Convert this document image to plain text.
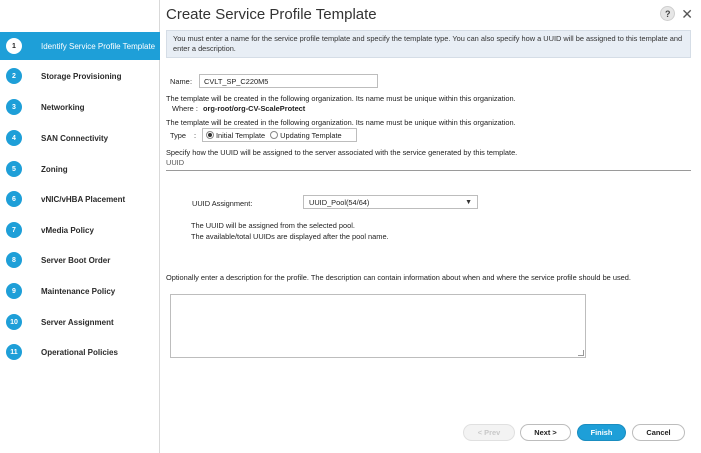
1	Identify Service Profile Template
2	Storage Provisioning
3	Networking
4	SAN Connectivity
5	Zoning
6	vNIC/vHBA Placement
7	vMedia Policy
8	Server Boot Order
9	Maintenance Policy
10	Server Assignment
11	Operational Policies
Create Service Profile Template	? ✕
You must enter a name for the service profile template and specify the template type. You can also specify how a UUID will be assigned to this template and enter a description.
Name :
CVLT_SP_C220M5
The template will be created in the following organization. Its name must be unique within this organization.
Where : org-root/org-CV-ScaleProtect
The template will be created in the following organization. Its name must be unique within this organization.
Type :	Initial Template Updating Template
Specify how the UUID will be assigned to the server associated with the service generated by this template.
UUID
UUID Assignment:	UUID_Pool(54/64)	▼
The UUID will be assigned from the selected pool.
The available/total UUIDs are displayed after the pool name.
Optionally enter a description for the profile. The description can contain information about when and where the service profile should be used.
< Prev	Next >	Finish	Cancel
